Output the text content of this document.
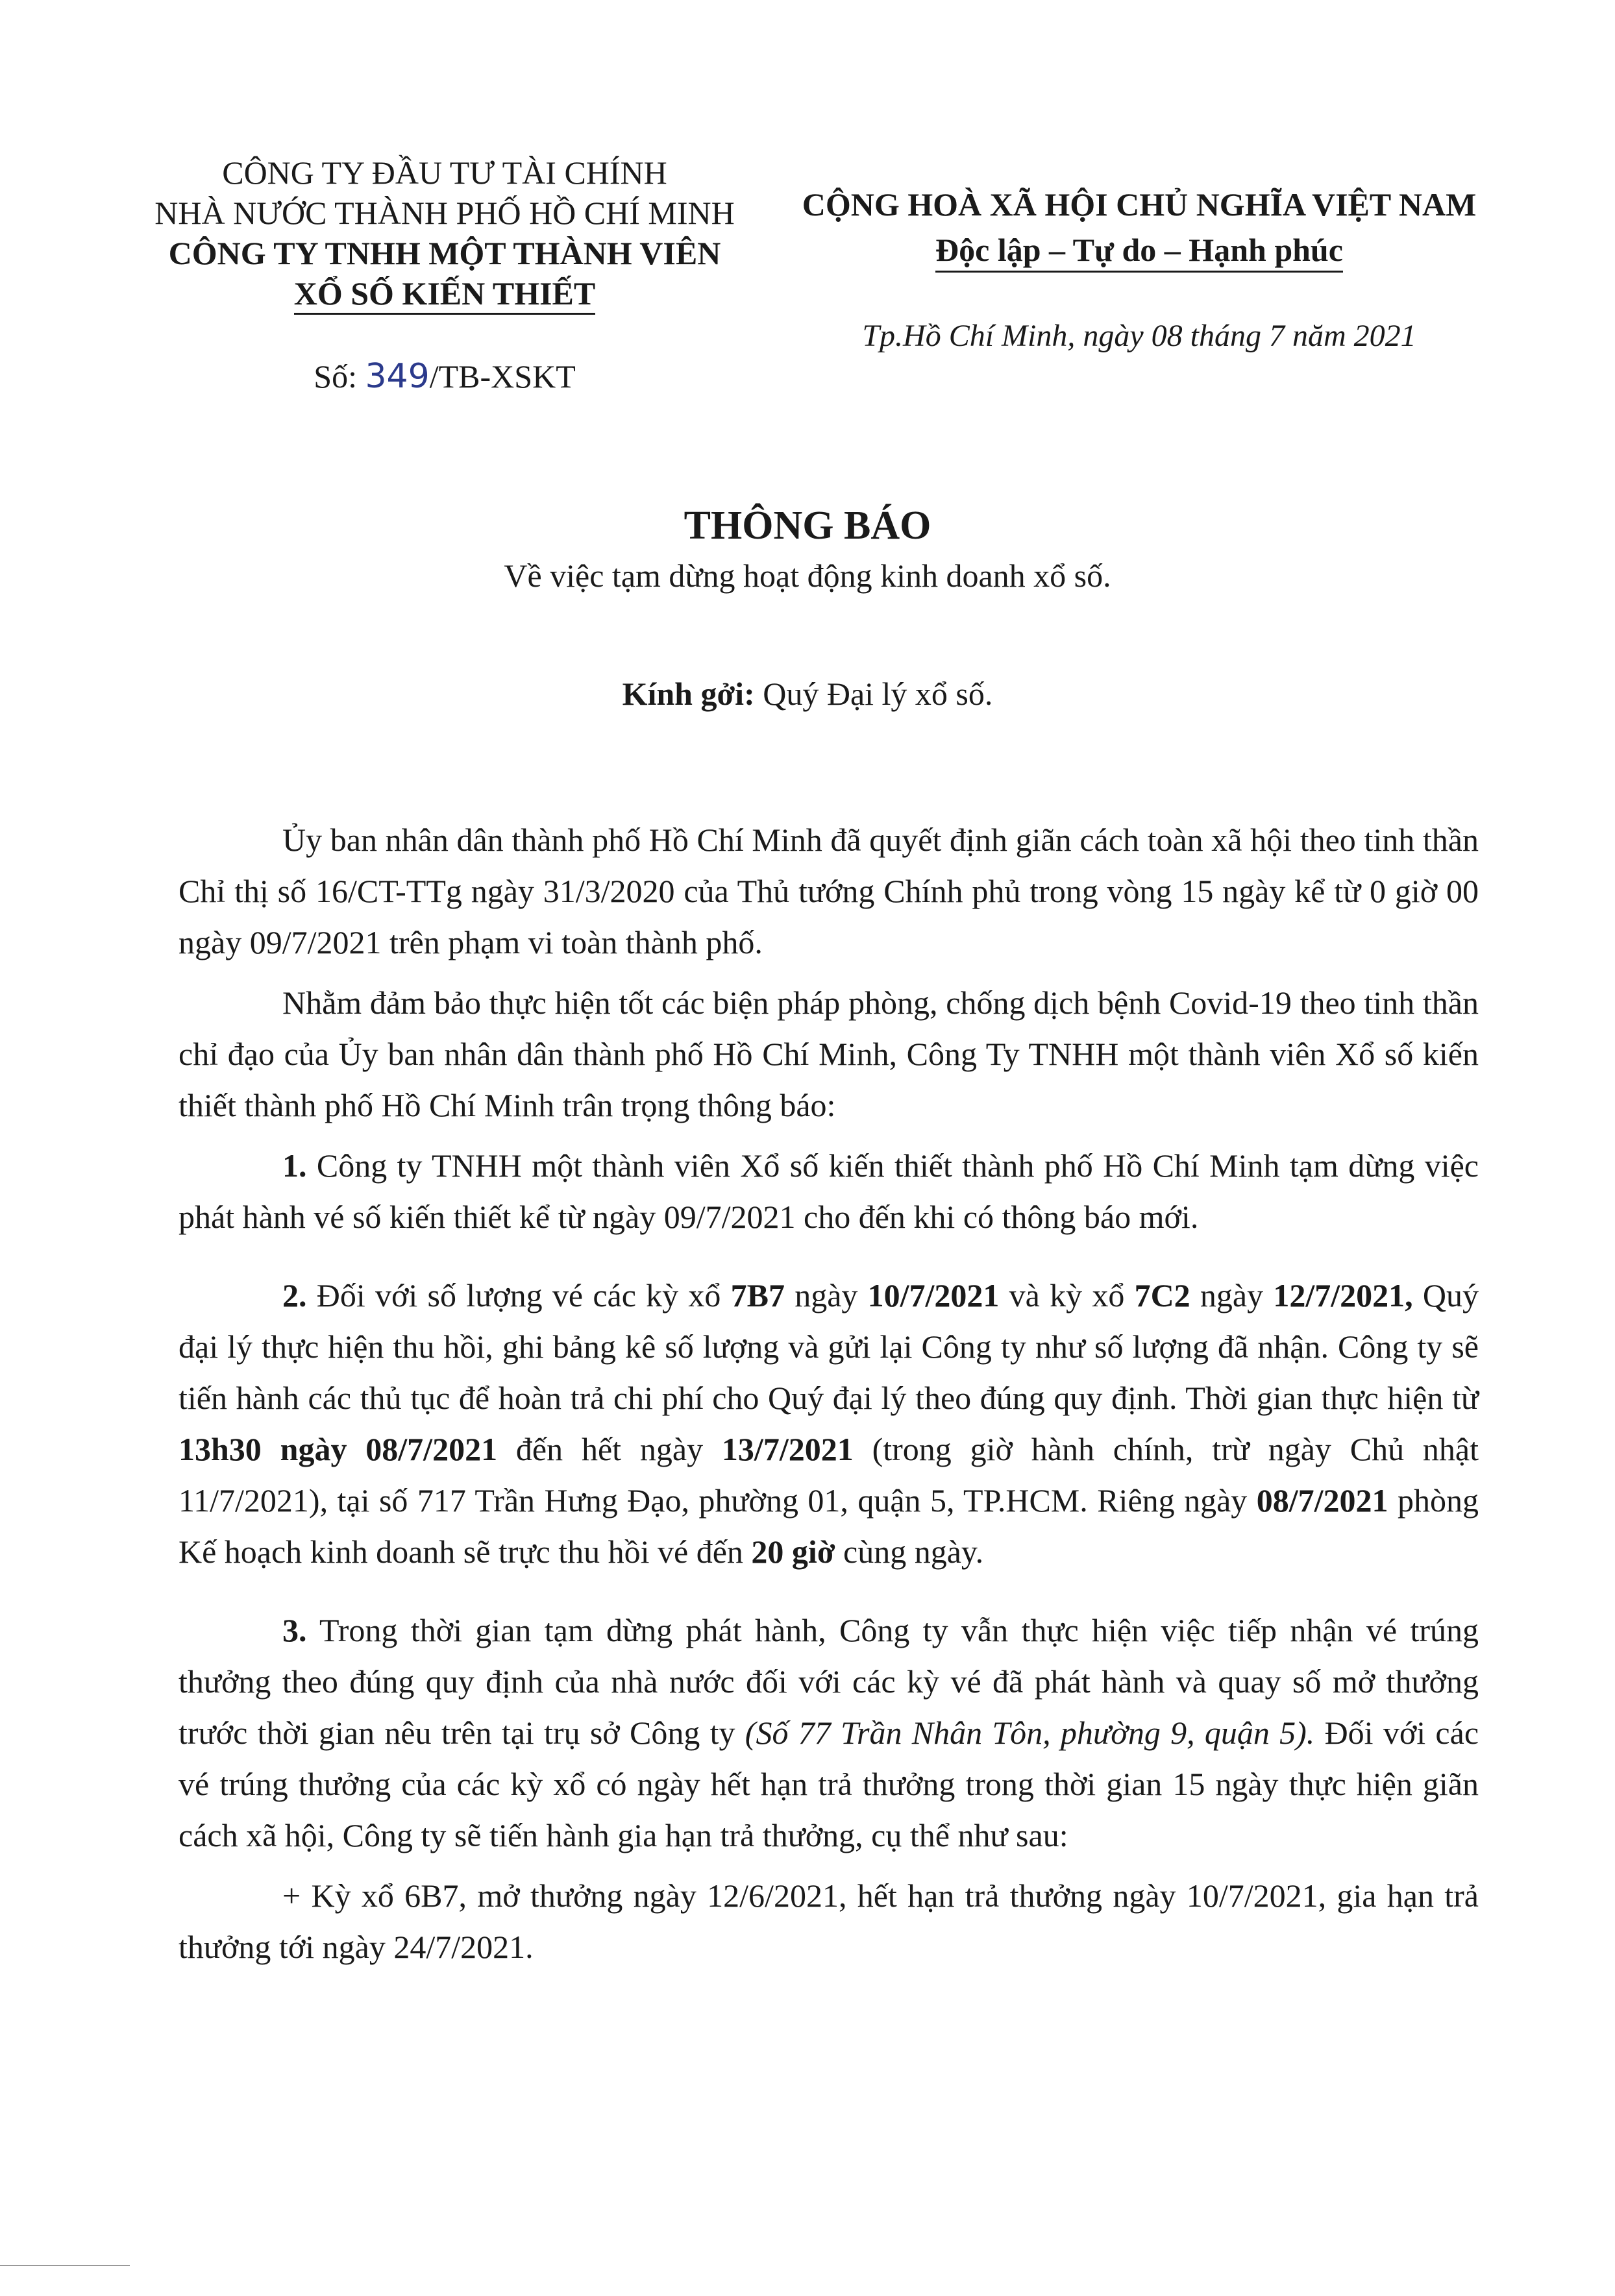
CÔNG TY ĐẦU TƯ TÀI CHÍNH
NHÀ NƯỚC THÀNH PHỐ HỒ CHÍ MINH
CÔNG TY TNHH MỘT THÀNH VIÊN
XỔ SỐ KIẾN THIẾT
Số: 349/TB-XSKT
CỘNG HOÀ XÃ HỘI CHỦ NGHĨA VIỆT NAM
Độc lập – Tự do – Hạnh phúc
Tp.Hồ Chí Minh, ngày 08 tháng 7 năm 2021
THÔNG BÁO
Về việc tạm dừng hoạt động kinh doanh xổ số.
Kính gởi: Quý Đại lý xổ số.

Ủy ban nhân dân thành phố Hồ Chí Minh đã quyết định giãn cách toàn xã hội theo tinh thần Chỉ thị số 16/CT-TTg ngày 31/3/2020 của Thủ tướng Chính phủ trong vòng 15 ngày kể từ 0 giờ 00 ngày 09/7/2021 trên phạm vi toàn thành phố.

Nhằm đảm bảo thực hiện tốt các biện pháp phòng, chống dịch bệnh Covid-19 theo tinh thần chỉ đạo của Ủy ban nhân dân thành phố Hồ Chí Minh, Công Ty TNHH một thành viên Xổ số kiến thiết thành phố Hồ Chí Minh trân trọng thông báo:

1. Công ty TNHH một thành viên Xổ số kiến thiết thành phố Hồ Chí Minh tạm dừng việc phát hành vé số kiến thiết kể từ ngày 09/7/2021 cho đến khi có thông báo mới.

2. Đối với số lượng vé các kỳ xổ 7B7 ngày 10/7/2021 và kỳ xổ 7C2 ngày 12/7/2021, Quý đại lý thực hiện thu hồi, ghi bảng kê số lượng và gửi lại Công ty như số lượng đã nhận. Công ty sẽ tiến hành các thủ tục để hoàn trả chi phí cho Quý đại lý theo đúng quy định. Thời gian thực hiện từ 13h30 ngày 08/7/2021 đến hết ngày 13/7/2021 (trong giờ hành chính, trừ ngày Chủ nhật 11/7/2021), tại số 717 Trần Hưng Đạo, phường 01, quận 5, TP.HCM. Riêng ngày 08/7/2021 phòng Kế hoạch kinh doanh sẽ trực thu hồi vé đến 20 giờ cùng ngày.

3. Trong thời gian tạm dừng phát hành, Công ty vẫn thực hiện việc tiếp nhận vé trúng thưởng theo đúng quy định của nhà nước đối với các kỳ vé đã phát hành và quay số mở thưởng trước thời gian nêu trên tại trụ sở Công ty (Số 77 Trần Nhân Tôn, phường 9, quận 5). Đối với các vé trúng thưởng của các kỳ xổ có ngày hết hạn trả thưởng trong thời gian 15 ngày thực hiện giãn cách xã hội, Công ty sẽ tiến hành gia hạn trả thưởng, cụ thể như sau:

+ Kỳ xổ 6B7, mở thưởng ngày 12/6/2021, hết hạn trả thưởng ngày 10/7/2021, gia hạn trả thưởng tới ngày 24/7/2021.
